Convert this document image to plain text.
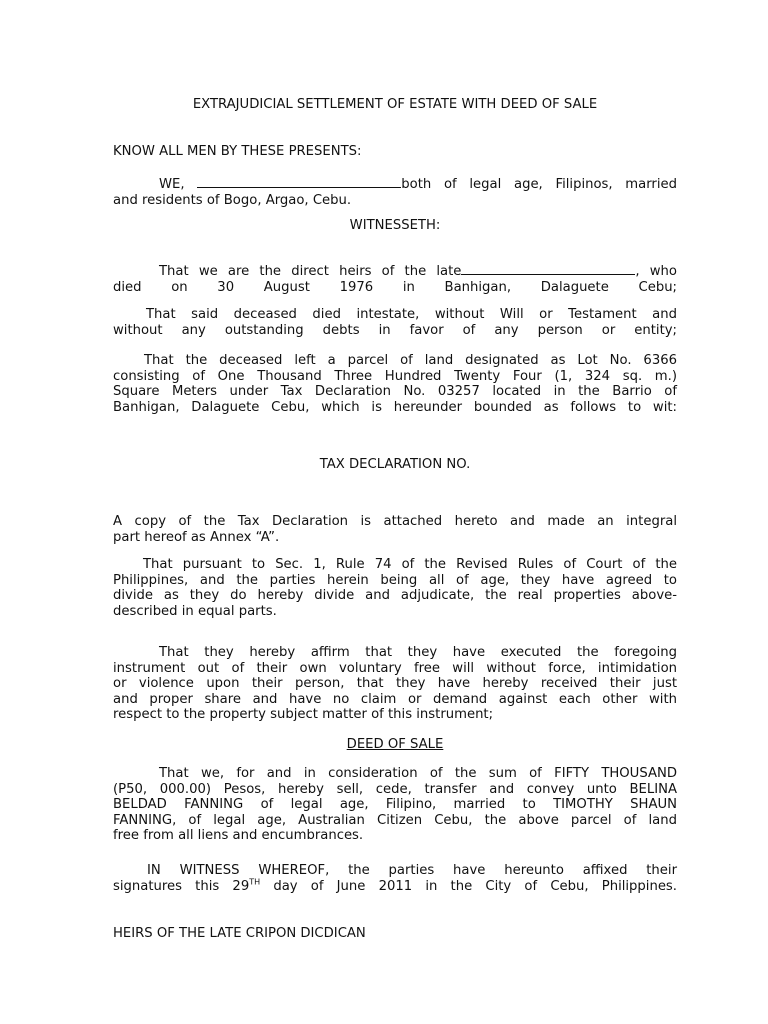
EXTRAJUDICIAL SETTLEMENT OF ESTATE WITH DEED OF SALE
KNOW ALL MEN BY THESE PRESENTS:
WE,	both of legal age, Filipinos, married
and residents of Bogo, Argao, Cebu.
WITNESSETH:
That we are the direct heirs of the late	, who
died on 30 August 1976 in Banhigan, Dalaguete Cebu;
That said deceased died intestate, without Will or Testament and
without any outstanding debts in favor of any person or entity;
That the deceased left a parcel of land designated as Lot No. 6366
consisting of One Thousand Three Hundred Twenty Four (1, 324 sq. m.)
Square Meters under Tax Declaration No. 03257 located in the Barrio of
Banhigan, Dalaguete Cebu, which is hereunder bounded as follows to wit:
TAX DECLARATION NO.
A copy of the Tax Declaration is attached hereto and made an integral
part hereof as Annex “A”.
That pursuant to Sec. 1, Rule 74 of the Revised Rules of Court of the
Philippines, and the parties herein being all of age, they have agreed to
divide as they do hereby divide and adjudicate, the real properties above-
described in equal parts.
That they hereby affirm that they have executed the foregoing
instrument out of their own voluntary free will without force, intimidation
or violence upon their person, that they have hereby received their just
and proper share and have no claim or demand against each other with
respect to the property subject matter of this instrument;
DEED OF SALE
That we, for and in consideration of the sum of FIFTY THOUSAND
(P50, 000.00) Pesos, hereby sell, cede, transfer and convey unto BELINA
BELDAD FANNING of legal age, Filipino, married to TIMOTHY SHAUN
FANNING, of legal age, Australian Citizen Cebu, the above parcel of land
free from all liens and encumbrances.
IN WITNESS WHEREOF, the parties have hereunto affixed their
signatures this 29TH day of June 2011 in the City of Cebu, Philippines.
HEIRS OF THE LATE CRIPON DICDICAN
